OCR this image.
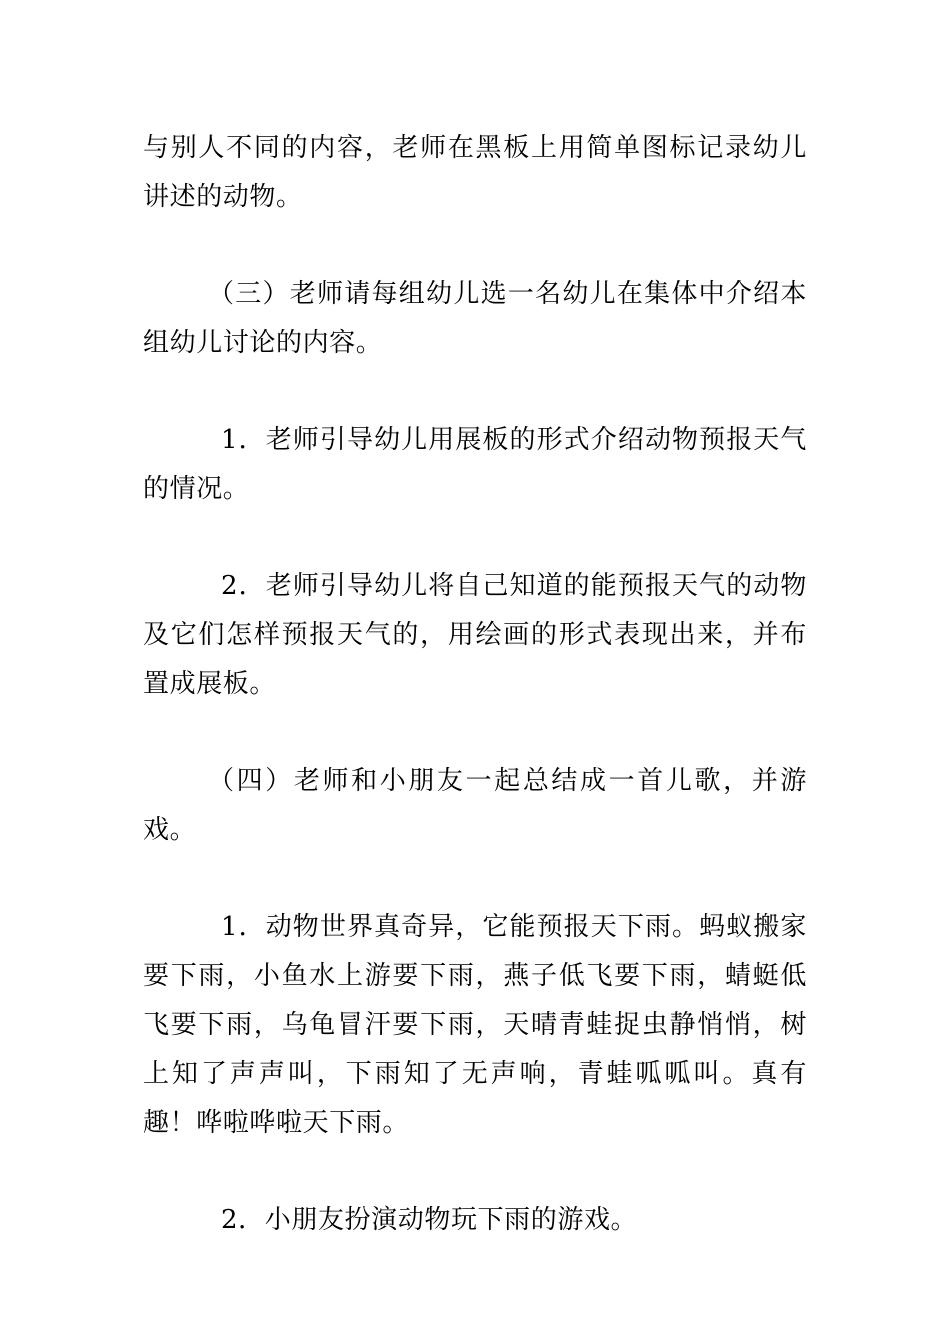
与别人不同的内容，老师在黑板上用简单图标记录幼儿讲述的动物。

（三）老师请每组幼儿选一名幼儿在集体中介绍本组幼儿讨论的内容。

1．老师引导幼儿用展板的形式介绍动物预报天气的情况。

2．老师引导幼儿将自己知道的能预报天气的动物及它们怎样预报天气的，用绘画的形式表现出来，并布置成展板。

（四）老师和小朋友一起总结成一首儿歌，并游戏。

1．动物世界真奇异，它能预报天下雨。蚂蚁搬家要下雨，小鱼水上游要下雨，燕子低飞要下雨，蜻蜓低飞要下雨，乌龟冒汗要下雨，天晴青蛙捉虫静悄悄，树上知了声声叫，下雨知了无声响，青蛙呱呱叫。真有趣！哗啦哗啦天下雨。

2．小朋友扮演动物玩下雨的游戏。
